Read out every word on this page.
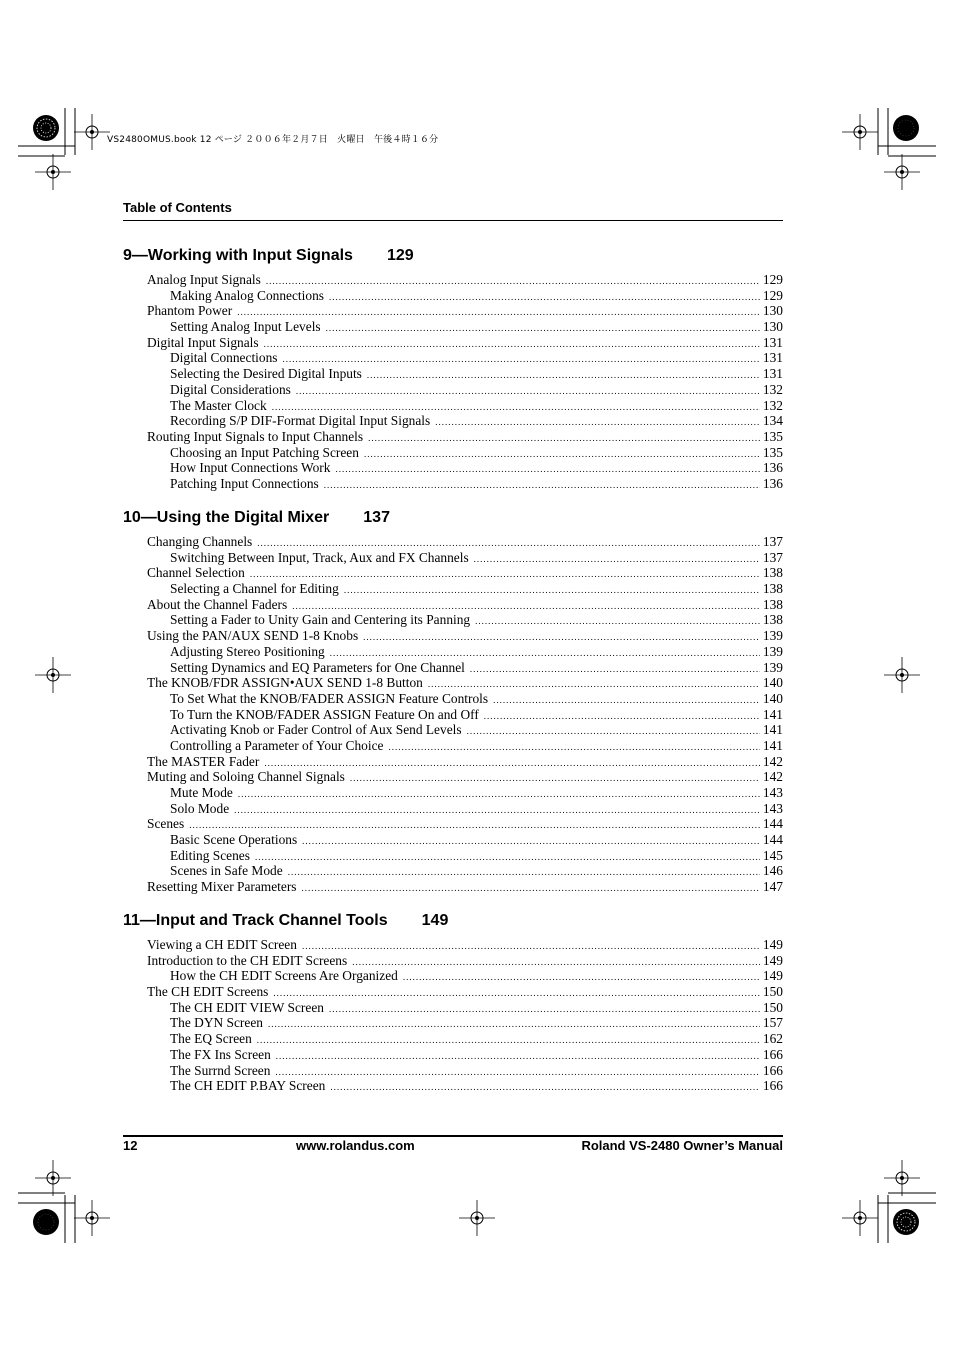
VS2480OMUS.book 12 ページ ２００６年２月７日　火曜日　午後４時１６分
Table of Contents
9—Working with Input Signals 129
Analog Input Signals .....	129
Making Analog Connections .....	129
Phantom Power .....	130
Setting Analog Input Levels .....	130
Digital Input Signals .....	131
Digital Connections .....	131
Selecting the Desired Digital Inputs .....	131
Digital Considerations .....	132
The Master Clock .....	132
Recording S/P DIF-Format Digital Input Signals .....	134
Routing Input Signals to Input Channels .....	135
Choosing an Input Patching Screen .....	135
How Input Connections Work .....	136
Patching Input Connections .....	136
10—Using the Digital Mixer 137
Changing Channels .....	137
Switching Between Input, Track, Aux and FX Channels .....	137
Channel Selection .....	138
Selecting a Channel for Editing .....	138
About the Channel Faders .....	138
Setting a Fader to Unity Gain and Centering its Panning .....	138
Using the PAN/AUX SEND 1-8 Knobs .....	139
Adjusting Stereo Positioning .....	139
Setting Dynamics and EQ Parameters for One Channel .....	139
The KNOB/FDR ASSIGN•AUX SEND 1-8 Button .....	140
To Set What the KNOB/FADER ASSIGN Feature Controls .....	140
To Turn the KNOB/FADER ASSIGN Feature On and Off .....	141
Activating Knob or Fader Control of Aux Send Levels .....	141
Controlling a Parameter of Your Choice .....	141
The MASTER Fader .....	142
Muting and Soloing Channel Signals .....	142
Mute Mode .....	143
Solo Mode .....	143
Scenes .....	144
Basic Scene Operations .....	144
Editing Scenes .....	145
Scenes in Safe Mode .....	146
Resetting Mixer Parameters .....	147
11—Input and Track Channel Tools 149
Viewing a CH EDIT Screen .....	149
Introduction to the CH EDIT Screens .....	149
How the CH EDIT Screens Are Organized .....	149
The CH EDIT Screens .....	150
The CH EDIT VIEW Screen .....	150
The DYN Screen .....	157
The EQ Screen .....	162
The FX Ins Screen .....	166
The Surrnd Screen .....	166
The CH EDIT P.BAY Screen .....	166
12	www.rolandus.com	Roland VS-2480 Owner’s Manual
